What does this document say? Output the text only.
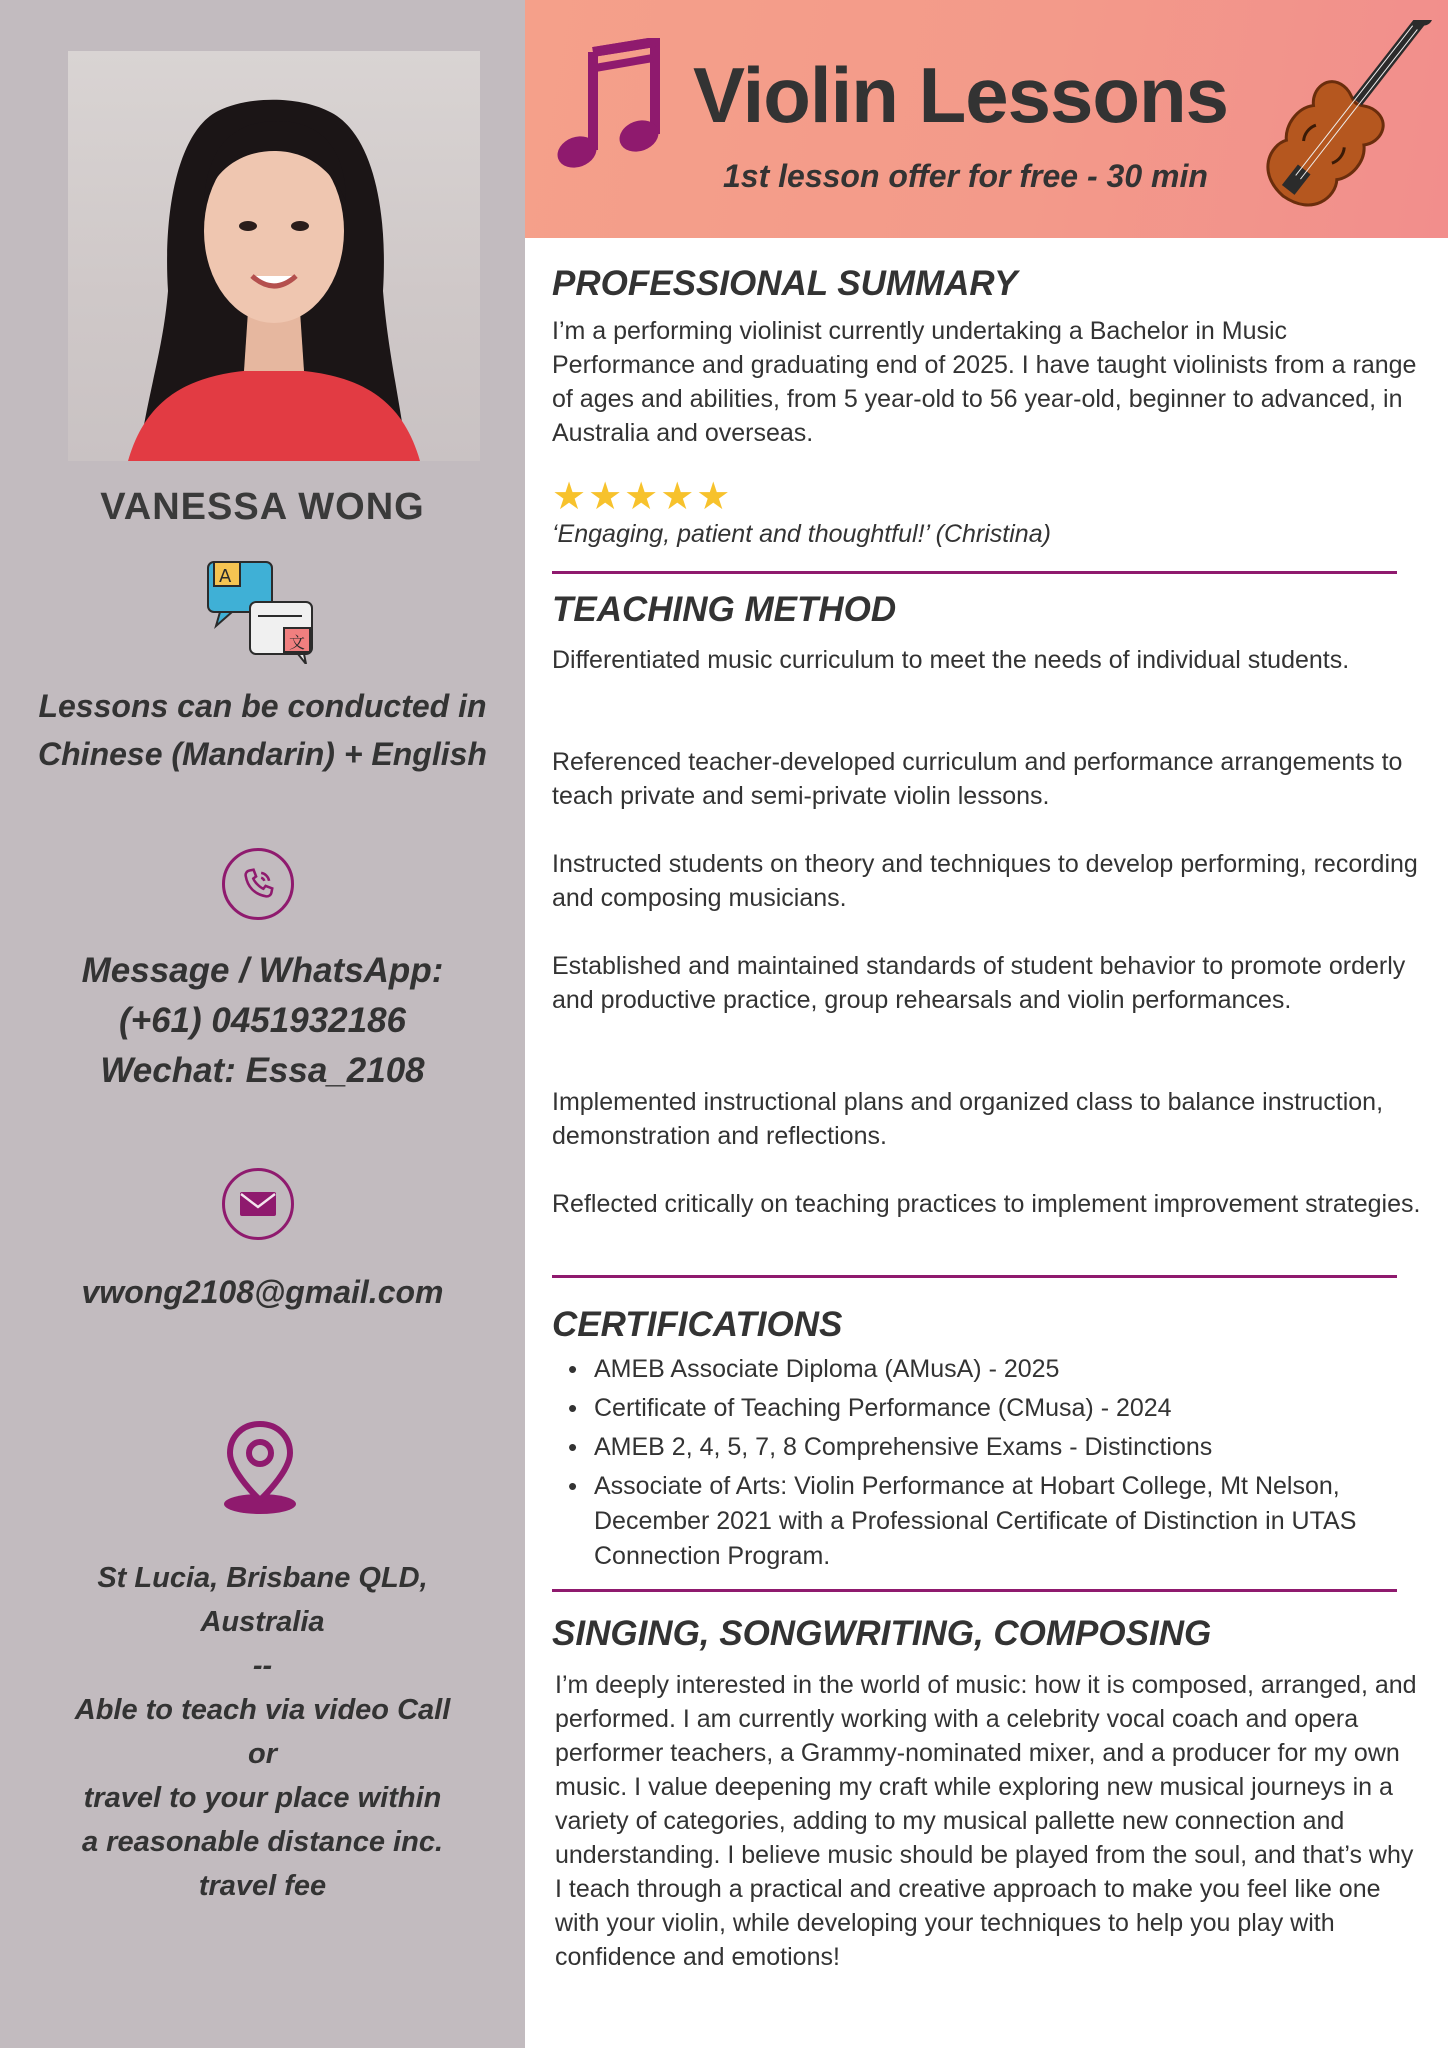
VANESSA WONG
A
文
Lessons can be conducted in
Chinese (Mandarin) + English
Message / WhatsApp:
(+61) 0451932186
Wechat: Essa_2108
vwong2108@gmail.com
St Lucia, Brisbane QLD,
Australia
--
Able to teach via video Call
or
travel to your place within
a reasonable distance inc.
travel fee
Violin Lessons
1st lesson offer for free - 30 min
PROFESSIONAL SUMMARY
I’m a performing violinist currently undertaking a Bachelor in Music Performance and graduating end of 2025. I have taught violinists from a range of ages and abilities, from 5 year-old to 56 year-old, beginner to advanced, in Australia and overseas.
★★★★★
‘Engaging, patient and thoughtful!’ (Christina)
TEACHING METHOD
Differentiated music curriculum to meet the needs of individual students.
Referenced teacher-developed curriculum and performance arrangements to teach private and semi-private violin lessons.
Instructed students on theory and techniques to develop performing, recording and composing musicians.
Established and maintained standards of student behavior to promote orderly and productive practice, group rehearsals and violin performances.
Implemented instructional plans and organized class to balance instruction, demonstration and reflections.
Reflected critically on teaching practices to implement improvement strategies.
CERTIFICATIONS
• AMEB Associate Diploma (AMusA) - 2025
• Certificate of Teaching Performance (CMusa) - 2024
• AMEB 2, 4, 5, 7, 8 Comprehensive Exams - Distinctions
• Associate of Arts: Violin Performance at Hobart College, Mt Nelson, December 2021 with a Professional Certificate of Distinction in UTAS Connection Program.
SINGING, SONGWRITING, COMPOSING
I’m deeply interested in the world of music: how it is composed, arranged, and performed. I am currently working with a celebrity vocal coach and opera performer teachers, a Grammy-nominated mixer, and a producer for my own music. I value deepening my craft while exploring new musical journeys in a variety of categories, adding to my musical pallette new connection and understanding. I believe music should be played from the soul, and that’s why I teach through a practical and creative approach to make you feel like one with your violin, while developing your techniques to help you play with confidence and emotions!
